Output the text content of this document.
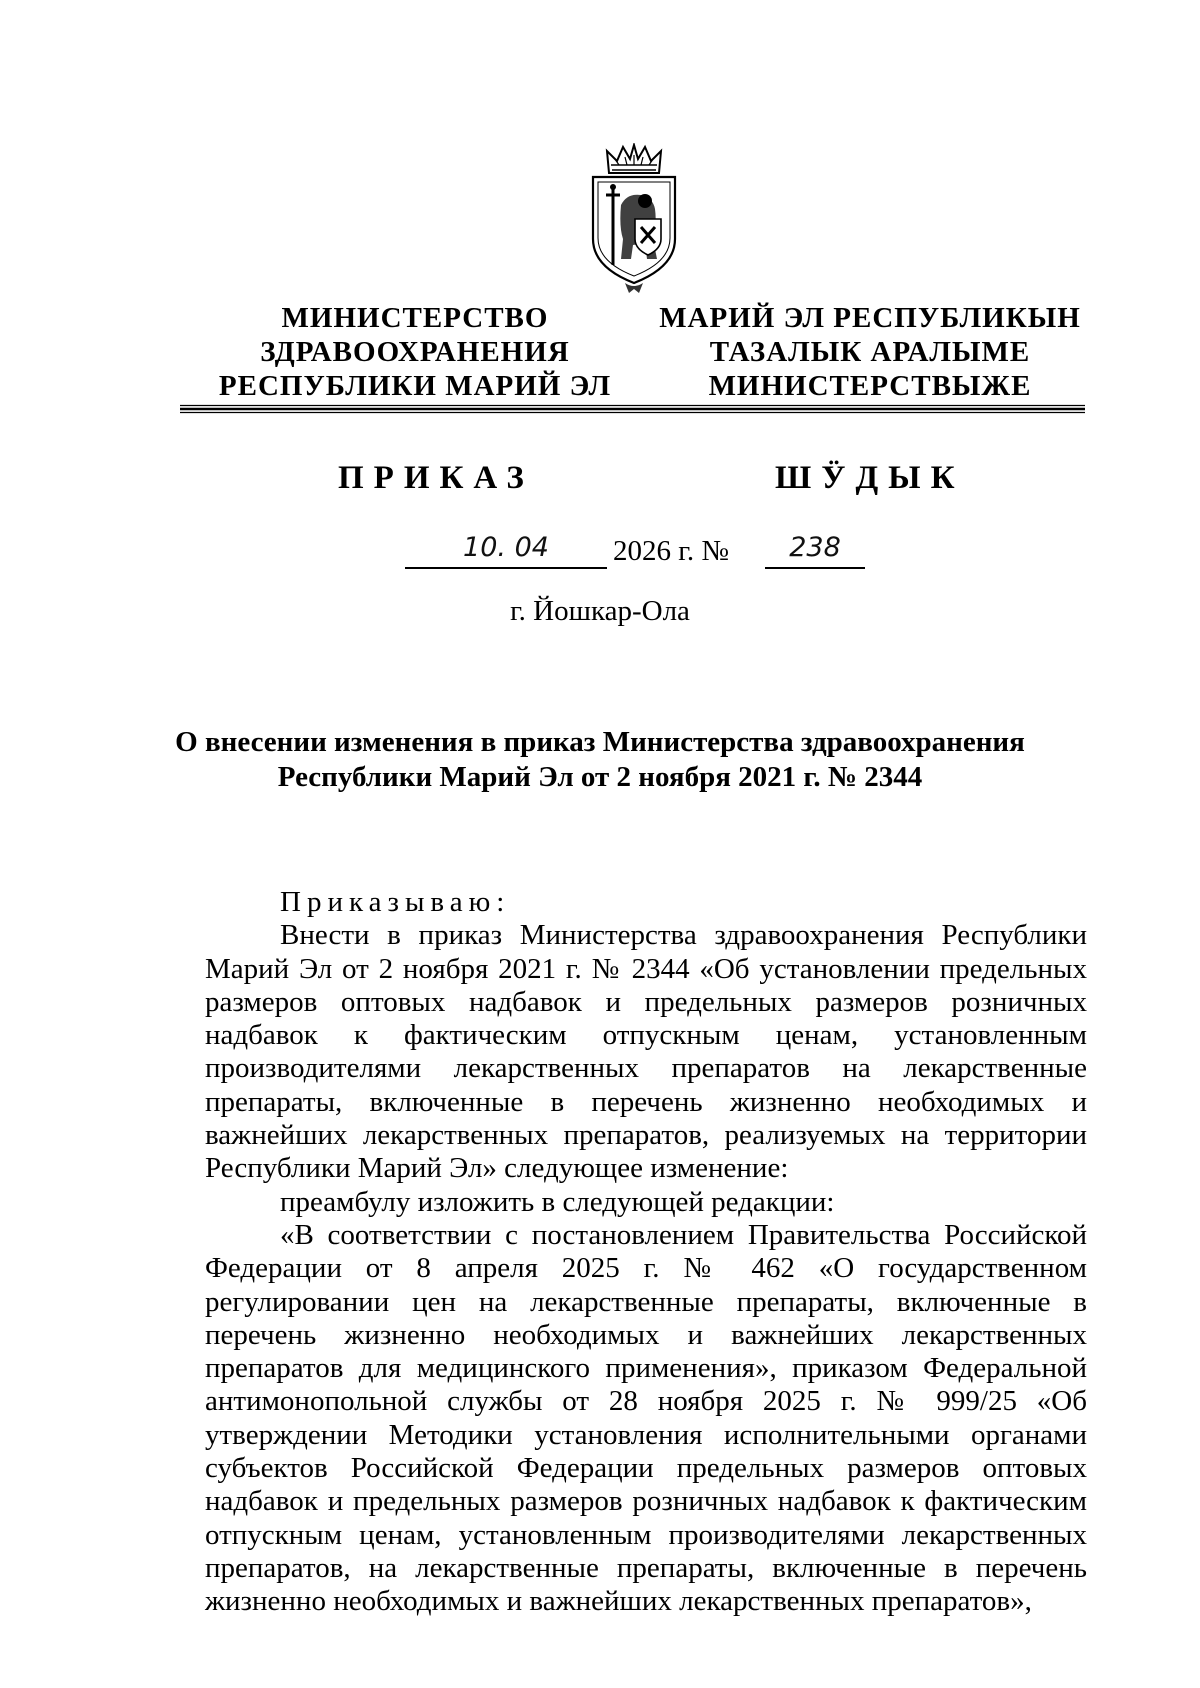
МИНИСТЕРСТВО
ЗДРАВООХРАНЕНИЯ
РЕСПУБЛИКИ МАРИЙ ЭЛ
МАРИЙ ЭЛ РЕСПУБЛИКЫН
ТАЗАЛЫК АРАЛЫМЕ
МИНИСТЕРСТВЫЖЕ
ПРИКАЗ	ШӰДЫК
10. 04	2026 г. №	238
г. Йошкар-Ола
О внесении изменения в приказ Министерства здравоохранения
Республики Марий Эл от 2 ноября 2021 г. № 2344

Приказываю:

Внести в приказ Министерства здравоохранения Республики Марий Эл от 2 ноября 2021 г. № 2344 «Об установлении предельных размеров оптовых надбавок и предельных размеров розничных надбавок к фактическим отпускным ценам, установленным производителями лекарственных препаратов на лекарственные препараты, включенные в перечень жизненно необходимых и важнейших лекарственных препаратов, реализуемых на территории Республики Марий Эл» следующее изменение:

преамбулу изложить в следующей редакции:

«В соответствии с постановлением Правительства Российской Федерации от 8 апреля 2025 г. № 462 «О государственном регулировании цен на лекарственные препараты, включенные в перечень жизненно необходимых и важнейших лекарственных препаратов для медицинского применения», приказом Федеральной антимонопольной службы от 28 ноября 2025 г. № 999/25 «Об утверждении Методики установления исполнительными органами субъектов Российской Федерации предельных размеров оптовых надбавок и предельных размеров розничных надбавок к фактическим отпускным ценам, установленным производителями лекарственных препаратов, на лекарственные препараты, включенные в перечень жизненно необходимых и важнейших лекарственных препаратов»,
